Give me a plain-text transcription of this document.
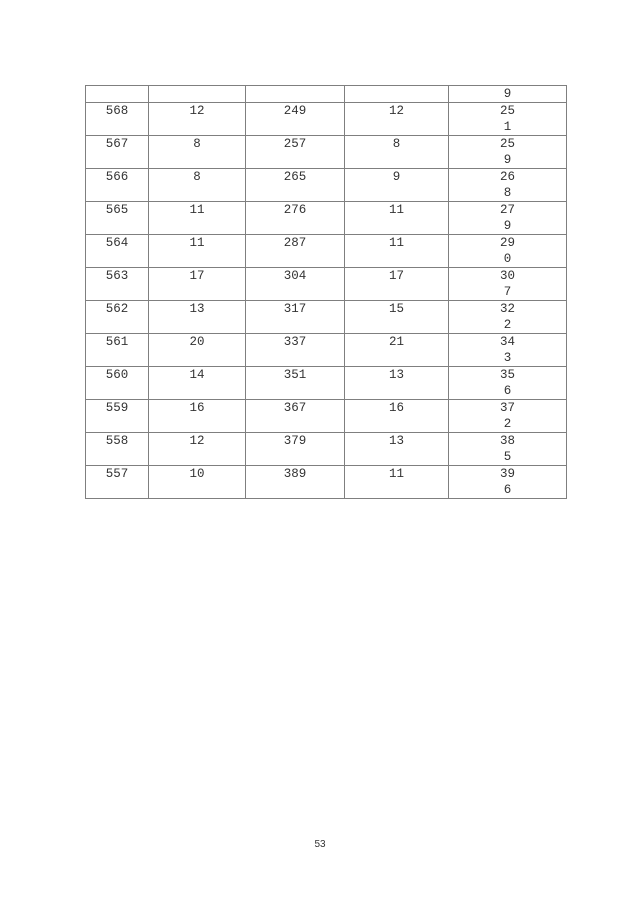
				9
568	12	249	12	25
1

567	8	257	8	25
9

566	8	265	9	26
8

565	11	276	11	27
9

564	11	287	11	29
0

563	17	304	17	30
7

562	13	317	15	32
2

561	20	337	21	34
3

560	14	351	13	35
6

559	16	367	16	37
2

558	12	379	13	38
5

557	10	389	11	39
6
53
